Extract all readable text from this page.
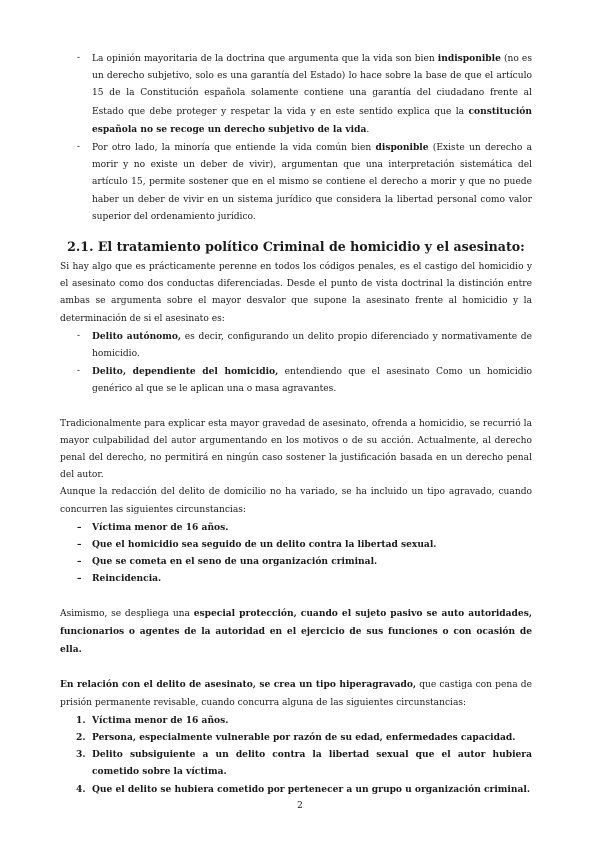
- La opinión mayoritaria de la doctrina que argumenta que la vida son bien indisponible (no es un derecho subjetivo, solo es una garantía del Estado) lo hace sobre la base de que el artículo 15 de la Constitución española solamente contiene una garantía del ciudadano frente al Estado que debe proteger y respetar la vida y en este sentido explica que la constitución española no se recoge un derecho subjetivo de la vida.
- Por otro lado, la minoría que entiende la vida común bien disponible (Existe un derecho a morir y no existe un deber de vivir), argumentan que una interpretación sistemática del artículo 15, permite sostener que en el mismo se contiene el derecho a morir y que no puede haber un deber de vivir en un sistema jurídico que considera la libertad personal como valor superior del ordenamiento jurídico.
2.1. El tratamiento político Criminal de homicidio y el asesinato:

Si hay algo que es prácticamente perenne en todos los códigos penales, es el castigo del homicidio y el asesinato como dos conductas diferenciadas. Desde el punto de vista doctrinal la distinción entre ambas se argumenta sobre el mayor desvalor que supone la asesinato frente al homicidio y la determinación de si el asesinato es:

- Delito autónomo, es decir, configurando un delito propio diferenciado y normativamente de homicidio.
- Delito, dependiente del homicidio, entendiendo que el asesinato Como un homicidio genérico al que se le aplican una o masa agravantes.

Tradicionalmente para explicar esta mayor gravedad de asesinato, ofrenda a homicidio, se recurrió la mayor culpabilidad del autor argumentando en los motivos o de su acción. Actualmente, al derecho penal del derecho, no permitirá en ningún caso sostener la justificación basada en un derecho penal del autor.

Aunque la redacción del delito de domicilio no ha variado, se ha incluido un tipo agravado, cuando concurren las siguientes circunstancias:

– Víctima menor de 16 años.
– Que el homicidio sea seguido de un delito contra la libertad sexual.
– Que se cometa en el seno de una organización criminal.
– Reincidencia.

Asimismo, se despliega una especial protección, cuando el sujeto pasivo se auto autoridades, funcionarios o agentes de la autoridad en el ejercicio de sus funciones o con ocasión de ella.

En relación con el delito de asesinato, se crea un tipo hiperagravado, que castiga con pena de prisión permanente revisable, cuando concurra alguna de las siguientes circunstancias:

1. Víctima menor de 16 años.
2. Persona, especialmente vulnerable por razón de su edad, enfermedades capacidad.
3. Delito subsiguiente a un delito contra la libertad sexual que el autor hubiera cometido sobre la víctima.
4. Que el delito se hubiera cometido por pertenecer a un grupo u organización criminal.
2
